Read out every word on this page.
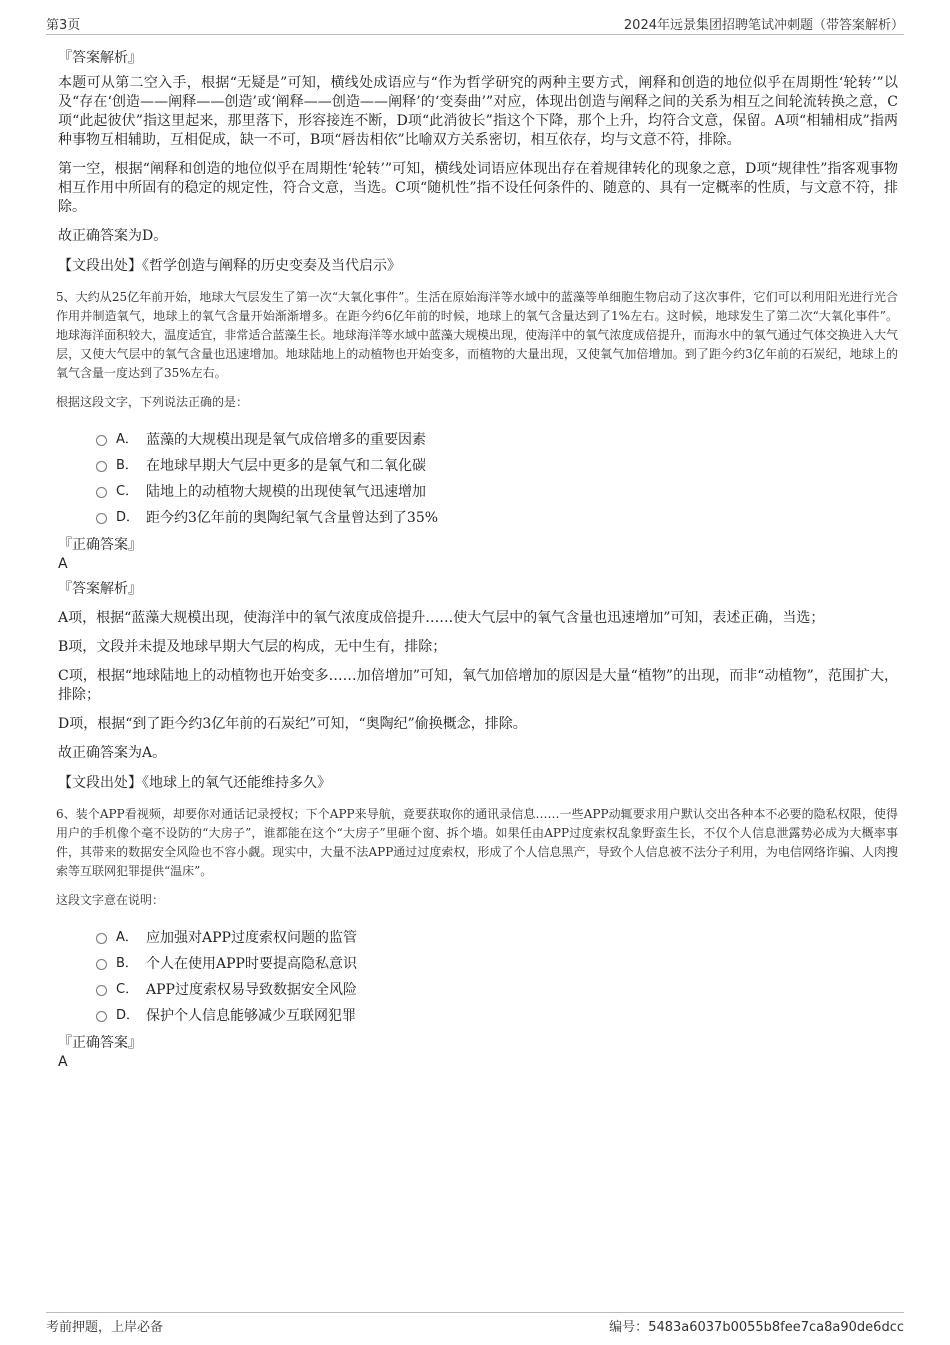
第3页	2024年远景集团招聘笔试冲刺题（带答案解析）
『答案解析』

本题可从第二空入手，根据“无疑是”可知，横线处成语应与“作为哲学研究的两种主要方式，阐释和创造的地位似乎在周期性‘轮转’”以及“存在‘创造——阐释——创造’或‘阐释——创造——阐释’的‘变奏曲’”对应，体现出创造与阐释之间的关系为相互之间轮流转换之意，C项“此起彼伏”指这里起来，那里落下，形容接连不断，D项“此消彼长”指这个下降，那个上升，均符合文意，保留。A项“相辅相成”指两种事物互相辅助，互相促成，缺一不可，B项“唇齿相依”比喻双方关系密切，相互依存，均与文意不符，排除。

第一空，根据“阐释和创造的地位似乎在周期性‘轮转’”可知，横线处词语应体现出存在着规律转化的现象之意，D项“规律性”指客观事物相互作用中所固有的稳定的规定性，符合文意，当选。C项“随机性”指不设任何条件的、随意的、具有一定概率的性质，与文意不符，排除。

故正确答案为D。

【文段出处】《哲学创造与阐释的历史变奏及当代启示》

5、大约从25亿年前开始，地球大气层发生了第一次“大氧化事件”。生活在原始海洋等水域中的蓝藻等单细胞生物启动了这次事件，它们可以利用阳光进行光合作用并制造氧气，地球上的氧气含量开始渐渐增多。在距今约6亿年前的时候，地球上的氧气含量达到了1%左右。这时候，地球发生了第二次“大氧化事件”。地球海洋面积较大，温度适宜，非常适合蓝藻生长。地球海洋等水域中蓝藻大规模出现，使海洋中的氧气浓度成倍提升，而海水中的氧气通过气体交换进入大气层，又使大气层中的氧气含量也迅速增加。地球陆地上的动植物也开始变多，而植物的大量出现，又使氧气加倍增加。到了距今约3亿年前的石炭纪，地球上的氧气含量一度达到了35%左右。

根据这段文字，下列说法正确的是：

A． 蓝藻的大规模出现是氧气成倍增多的重要因素
B． 在地球早期大气层中更多的是氧气和二氧化碳
C． 陆地上的动植物大规模的出现使氧气迅速增加
D． 距今约3亿年前的奥陶纪氧气含量曾达到了35%
『正确答案』
A
『答案解析』

A项，根据“蓝藻大规模出现，使海洋中的氧气浓度成倍提升……使大气层中的氧气含量也迅速增加”可知，表述正确，当选；

B项，文段并未提及地球早期大气层的构成，无中生有，排除；

C项，根据“地球陆地上的动植物也开始变多……加倍增加”可知，氧气加倍增加的原因是大量“植物”的出现，而非“动植物”，范围扩大，排除；

D项，根据“到了距今约3亿年前的石炭纪”可知，“奥陶纪”偷换概念，排除。

故正确答案为A。

【文段出处】《地球上的氧气还能维持多久》

6、装个APP看视频，却要你对通话记录授权；下个APP来导航，竟要获取你的通讯录信息……一些APP动辄要求用户默认交出各种本不必要的隐私权限，使得用户的手机像个毫不设防的“大房子”，谁都能在这个“大房子”里砸个窗、拆个墙。如果任由APP过度索权乱象野蛮生长，不仅个人信息泄露势必成为大概率事件，其带来的数据安全风险也不容小觑。现实中，大量不法APP通过过度索权，形成了个人信息黑产，导致个人信息被不法分子利用，为电信网络诈骗、人肉搜索等互联网犯罪提供“温床”。

这段文字意在说明：

A． 应加强对APP过度索权问题的监管
B． 个人在使用APP时要提高隐私意识
C． APP过度索权易导致数据安全风险
D． 保护个人信息能够减少互联网犯罪
『正确答案』
A
考前押题，上岸必备	编号：5483a6037b0055b8fee7ca8a90de6dcc
